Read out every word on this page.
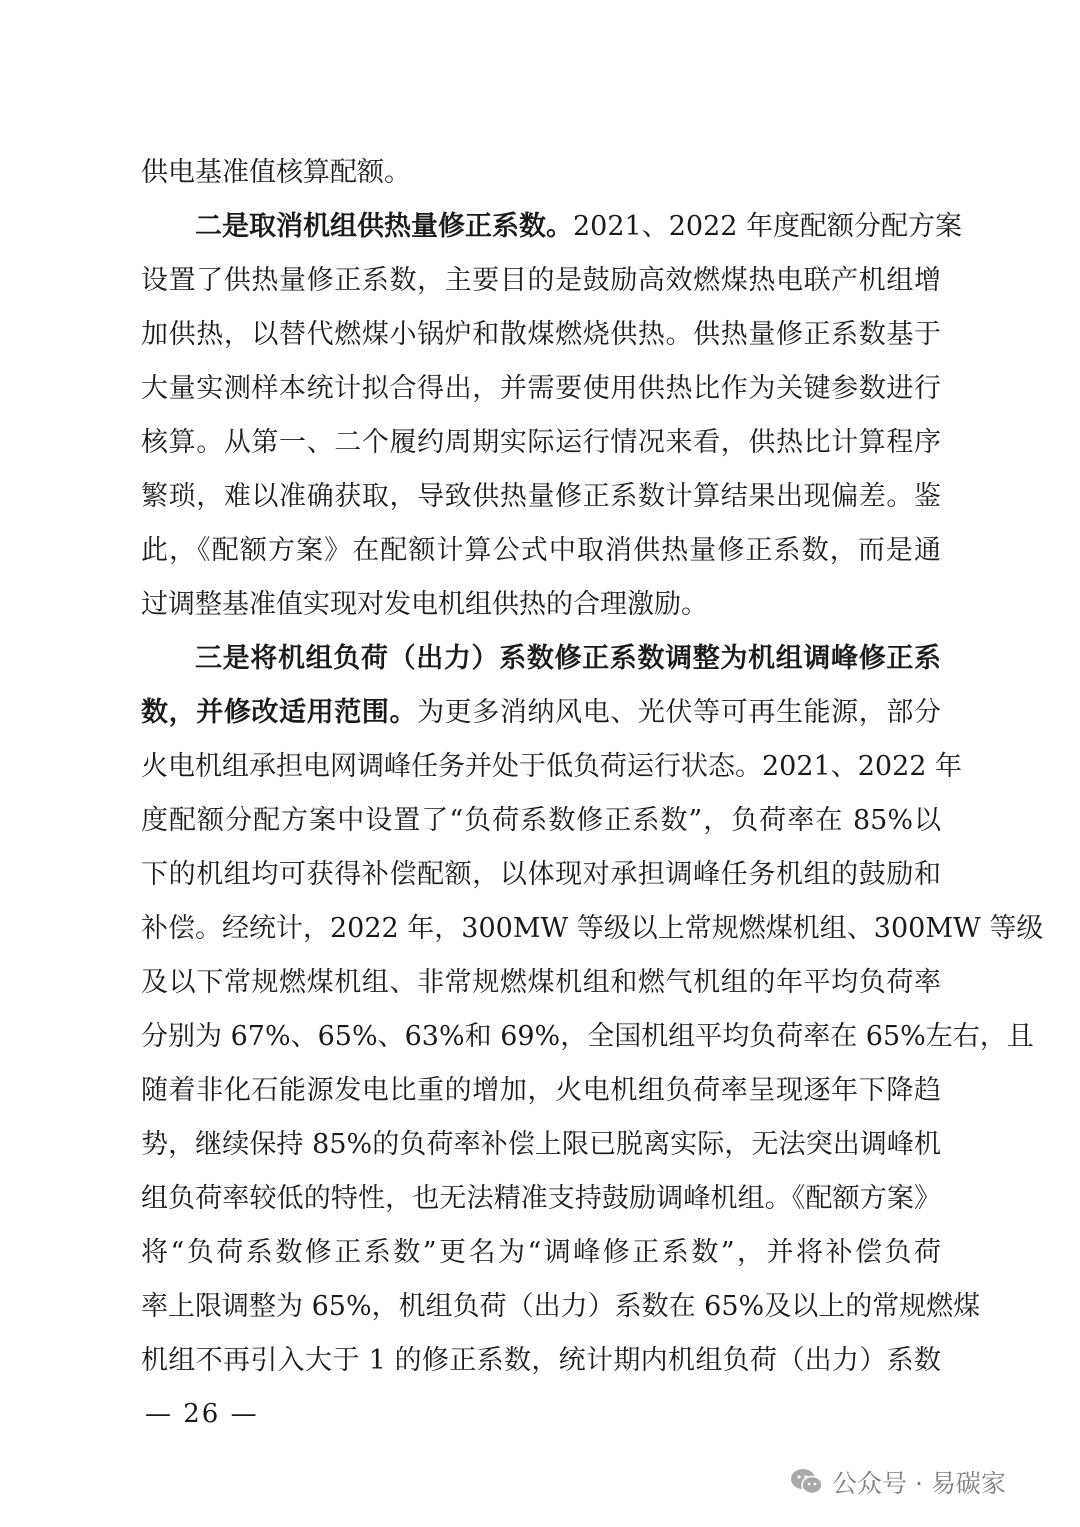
供电基准值核算配额。
二是取消机组供热量修正系数。2021、2022 年度配额分配方案
设置了供热量修正系数，主要目的是鼓励高效燃煤热电联产机组增
加供热，以替代燃煤小锅炉和散煤燃烧供热。供热量修正系数基于
大量实测样本统计拟合得出，并需要使用供热比作为关键参数进行
核算。从第一、二个履约周期实际运行情况来看，供热比计算程序
繁琐，难以准确获取，导致供热量修正系数计算结果出现偏差。鉴
此，《配额方案》在配额计算公式中取消供热量修正系数，而是通
过调整基准值实现对发电机组供热的合理激励。
三是将机组负荷（出力）系数修正系数调整为机组调峰修正系
数，并修改适用范围。为更多消纳风电、光伏等可再生能源，部分
火电机组承担电网调峰任务并处于低负荷运行状态。2021、2022 年
度配额分配方案中设置了“负荷系数修正系数”，负荷率在 85%以
下的机组均可获得补偿配额，以体现对承担调峰任务机组的鼓励和
补偿。经统计，2022 年，300MW 等级以上常规燃煤机组、300MW 等级
及以下常规燃煤机组、非常规燃煤机组和燃气机组的年平均负荷率
分别为 67%、65%、63%和 69%，全国机组平均负荷率在 65%左右，且
随着非化石能源发电比重的增加，火电机组负荷率呈现逐年下降趋
势，继续保持 85%的负荷率补偿上限已脱离实际，无法突出调峰机
组负荷率较低的特性，也无法精准支持鼓励调峰机组。《配额方案》
将“负荷系数修正系数”更名为“调峰修正系数”，并将补偿负荷
率上限调整为 65%，机组负荷（出力）系数在 65%及以上的常规燃煤
机组不再引入大于 1 的修正系数，统计期内机组负荷（出力）系数
— 26 —
公众号 · 易碳家
